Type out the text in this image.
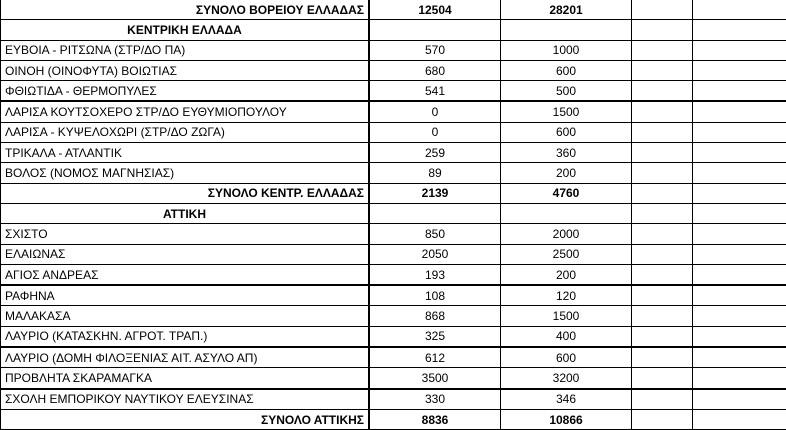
ΣΥΝΟΛΟ ΒΟΡΕΙΟΥ ΕΛΛΑΔΑΣ	12504	28201		
ΚΕΝΤΡΙΚΗ ΕΛΛΑΔΑ				
ΕΥΒΟΙΑ - ΡΙΤΣΩΝΑ (ΣΤΡ/ΔΟ ΠΑ)	570	1000		
ΟΙΝΟΗ (ΟΙΝΟΦΥΤΑ) ΒΟΙΩΤΙΑΣ	680	600		
ΦΘΙΩΤΙΔΑ - ΘΕΡΜΟΠΥΛΕΣ	541	500		
ΛΑΡΙΣΑ ΚΟΥΤΣΟΧΕΡΟ ΣΤΡ/ΔΟ ΕΥΘΥΜΙΟΠΟΥΛΟΥ	0	1500		
ΛΑΡΙΣΑ - ΚΥΨΕΛΟΧΩΡΙ (ΣΤΡ/ΔΟ ΖΩΓΑ)	0	600		
ΤΡΙΚΑΛΑ - ΑΤΛΑΝΤΙΚ	259	360		
ΒΟΛΟΣ (ΝΟΜΟΣ ΜΑΓΝΗΣΙΑΣ)	89	200		
ΣΥΝΟΛΟ ΚΕΝΤΡ. ΕΛΛΑΔΑΣ	2139	4760		
ΑΤΤΙΚΗ				
ΣΧΙΣΤΟ	850	2000		
ΕΛΑΙΩΝΑΣ	2050	2500		
ΑΓΙΟΣ ΑΝΔΡΕΑΣ	193	200		
ΡΑΦΗΝΑ	108	120		
ΜΑΛΑΚΑΣΑ	868	1500		
ΛΑΥΡΙΟ (ΚΑΤΑΣΚΗΝ. ΑΓΡΟΤ. ΤΡΑΠ.)	325	400		
ΛΑΥΡΙΟ (ΔΟΜΗ ΦΙΛΟΞΕΝΙΑΣ ΑΙΤ. ΑΣΥΛΟ ΑΠ)	612	600		
ΠΡΟΒΛΗΤΑ ΣΚΑΡΑΜΑΓΚΑ	3500	3200		
ΣΧΟΛΗ ΕΜΠΟΡΙΚΟΥ ΝΑΥΤΙΚΟΥ ΕΛΕΥΣΙΝΑΣ	330	346		
ΣΥΝΟΛΟ ΑΤΤΙΚΗΣ	8836	10866		
